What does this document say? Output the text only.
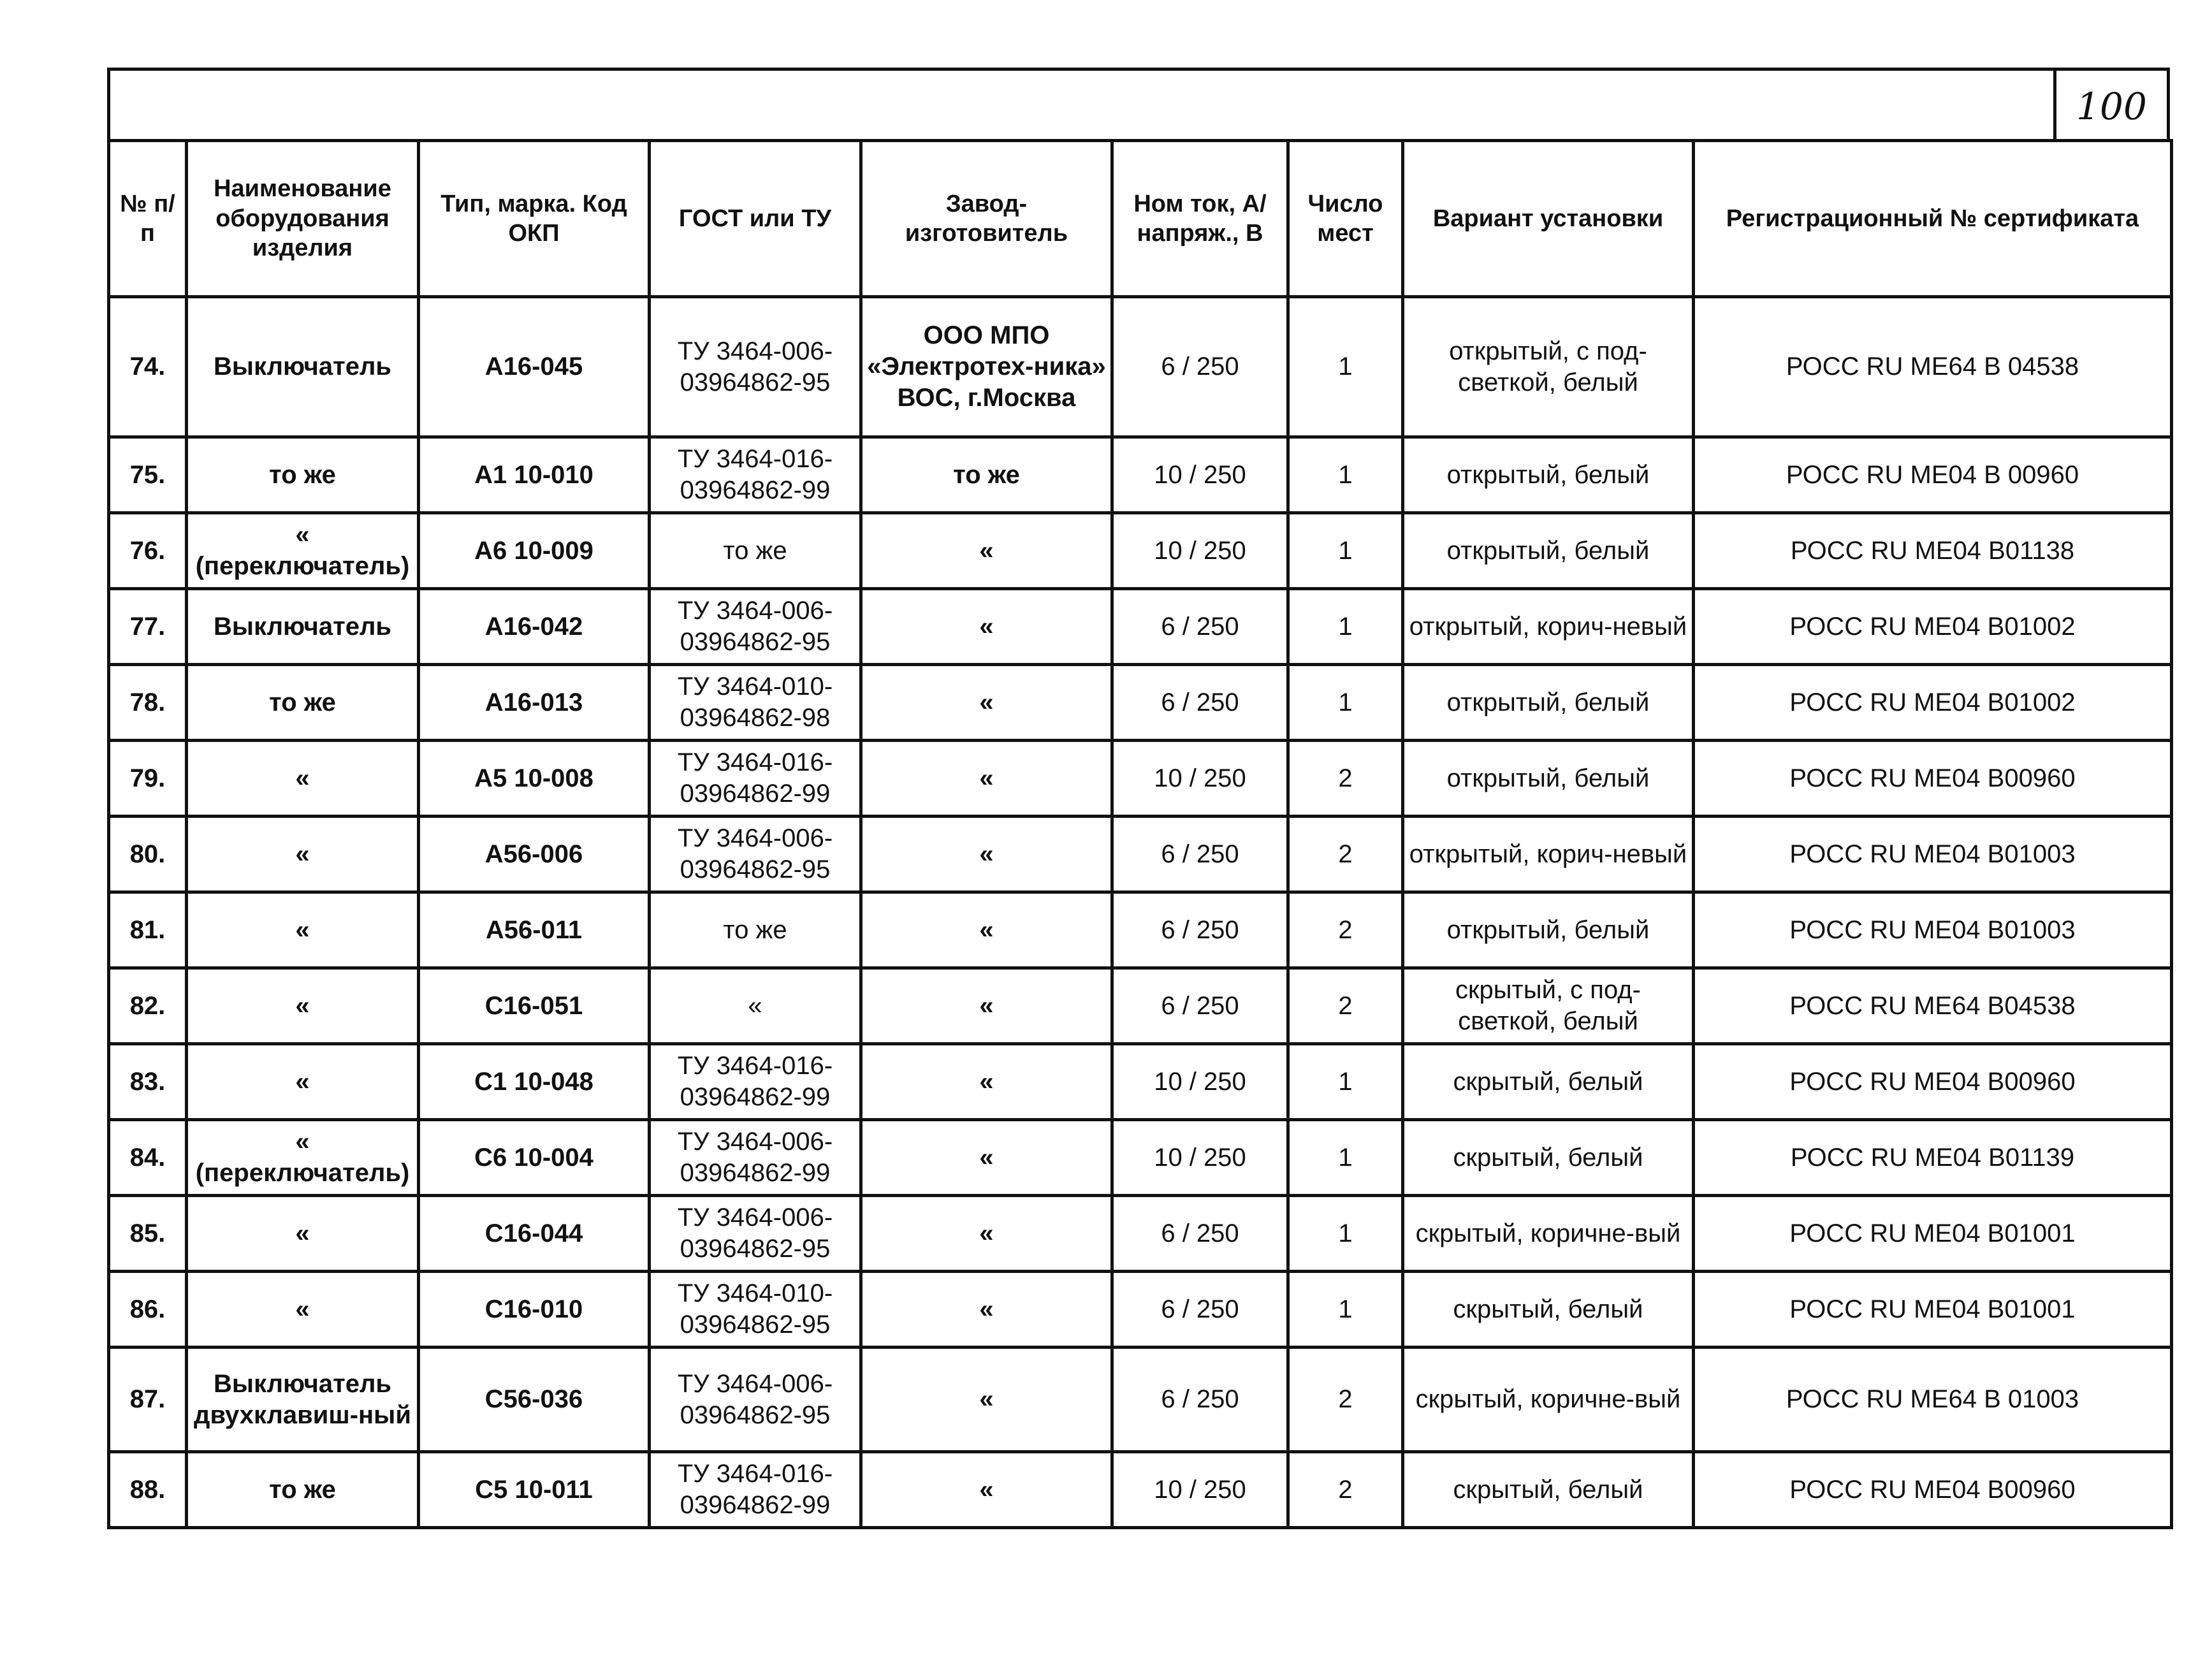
100
№ п/п	Наименование оборудования изделия	Тип, марка. Код ОКП	ГОСТ или ТУ	Завод-изготовитель	Ном ток, А/ напряж., В	Число мест	Вариант установки	Регистрационный № сертификата
74.	Выключатель	А16-045	ТУ 3464-006-03964862-95	ООО МПО «Электротех-ника» ВОС, г.Москва	6 / 250	1	открытый, с под-светкой, белый	РОСС RU ME64 В 04538
75.	то же	А1 10-010	ТУ 3464-016-03964862-99	то же	10 / 250	1	открытый, белый	РОСС RU ME04 В 00960
76.	« (переключатель)	А6 10-009	то же	«	10 / 250	1	открытый, белый	РОСС RU ME04 В01138
77.	Выключатель	А16-042	ТУ 3464-006-03964862-95	«	6 / 250	1	открытый, корич-невый	РОСС RU ME04 В01002
78.	то же	А16-013	ТУ 3464-010-03964862-98	«	6 / 250	1	открытый, белый	РОСС RU ME04 В01002
79.	«	А5 10-008	ТУ 3464-016-03964862-99	«	10 / 250	2	открытый, белый	РОСС RU ME04 В00960
80.	«	А56-006	ТУ 3464-006-03964862-95	«	6 / 250	2	открытый, корич-невый	РОСС RU ME04 В01003
81.	«	А56-011	то же	«	6 / 250	2	открытый, белый	РОСС RU ME04 В01003
82.	«	С16-051	«	«	6 / 250	2	скрытый, с под-светкой, белый	РОСС RU ME64 В04538
83.	«	С1 10-048	ТУ 3464-016-03964862-99	«	10 / 250	1	скрытый, белый	РОСС RU ME04 В00960
84.	« (переключатель)	С6 10-004	ТУ 3464-006-03964862-99	«	10 / 250	1	скрытый, белый	РОСС RU ME04 В01139
85.	«	С16-044	ТУ 3464-006-03964862-95	«	6 / 250	1	скрытый, коричне-вый	РОСС RU ME04 В01001
86.	«	С16-010	ТУ 3464-010-03964862-95	«	6 / 250	1	скрытый, белый	РОСС RU ME04 В01001
87.	Выключатель двухклавиш-ный	С56-036	ТУ 3464-006-03964862-95	«	6 / 250	2	скрытый, коричне-вый	РОСС RU ME64 В 01003
88.	то же	С5 10-011	ТУ 3464-016-03964862-99	«	10 / 250	2	скрытый, белый	РОСС RU ME04 В00960
